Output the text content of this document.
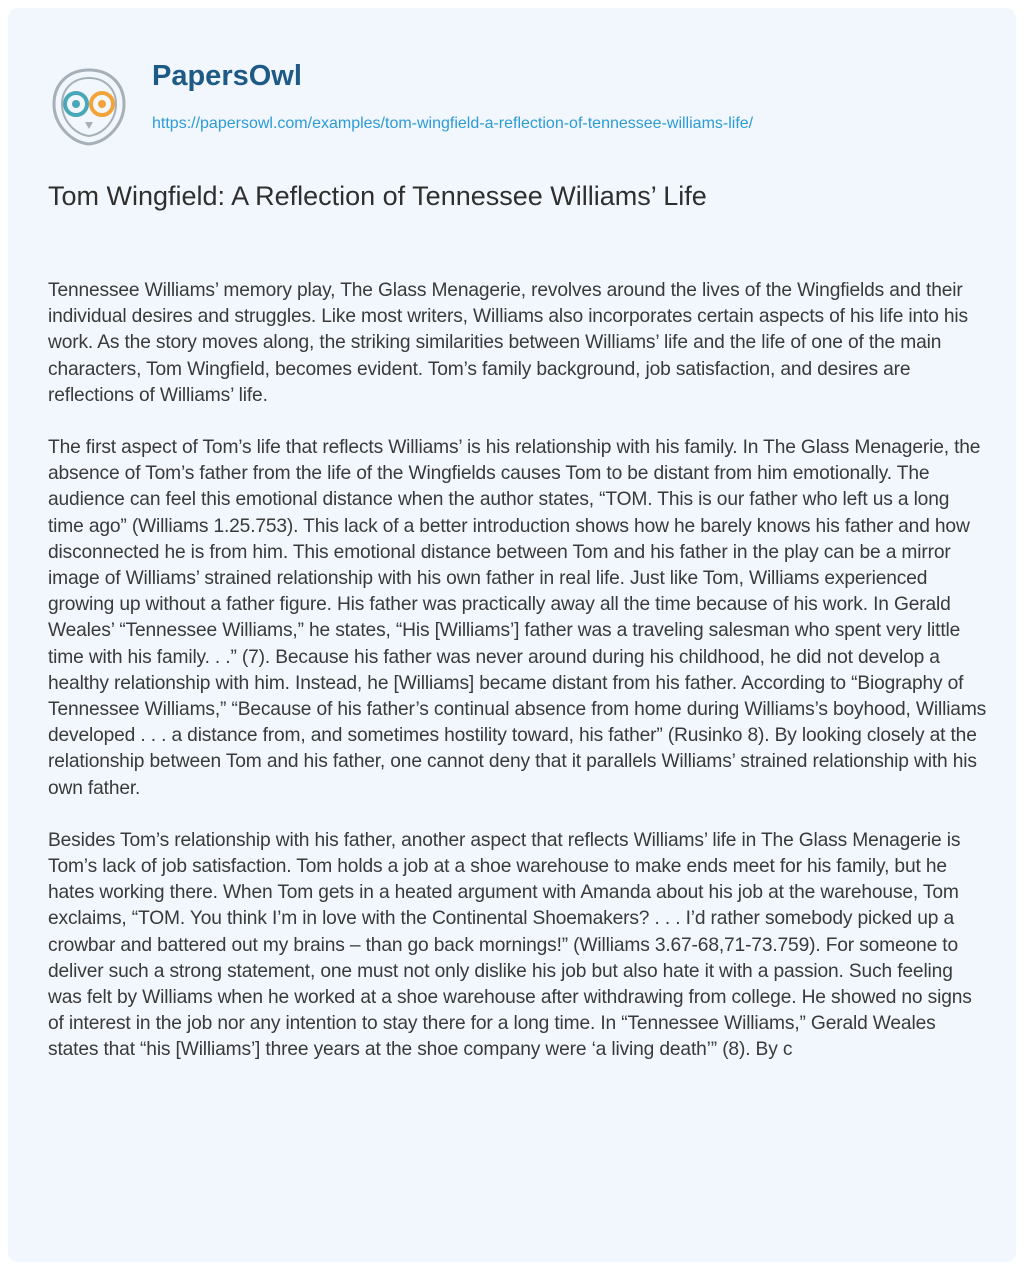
PapersOwl
https://papersowl.com/examples/tom-wingfield-a-reflection-of-tennessee-williams-life/
Tom Wingfield: A Reflection of Tennessee Williams’ Life

Tennessee Williams’ memory play, The Glass Menagerie, revolves around the lives of the Wingfields and their individual desires and struggles. Like most writers, Williams also incorporates certain aspects of his life into his work. As the story moves along, the striking similarities between Williams’ life and the life of one of the main characters, Tom Wingfield, becomes evident. Tom’s family background, job satisfaction, and desires are reflections of Williams’ life.

The first aspect of Tom’s life that reflects Williams’ is his relationship with his family. In The Glass Menagerie, the absence of Tom’s father from the life of the Wingfields causes Tom to be distant from him emotionally. The audience can feel this emotional distance when the author states, “TOM. This is our father who left us a long time ago” (Williams 1.25.753). This lack of a better introduction shows how he barely knows his father and how disconnected he is from him. This emotional distance between Tom and his father in the play can be a mirror image of Williams’ strained relationship with his own father in real life. Just like Tom, Williams experienced growing up without a father figure. His father was practically away all the time because of his work. In Gerald Weales’ “Tennessee Williams,” he states, “His [Williams’] father was a traveling salesman who spent very little time with his family. . .” (7). Because his father was never around during his childhood, he did not develop a healthy relationship with him. Instead, he [Williams] became distant from his father. According to “Biography of Tennessee Williams,” “Because of his father’s continual absence from home during Williams’s boyhood, Williams developed . . . a distance from, and sometimes hostility toward, his father” (Rusinko 8). By looking closely at the relationship between Tom and his father, one cannot deny that it parallels Williams’ strained relationship with his own father.

Besides Tom’s relationship with his father, another aspect that reflects Williams’ life in The Glass Menagerie is Tom’s lack of job satisfaction. Tom holds a job at a shoe warehouse to make ends meet for his family, but he hates working there. When Tom gets in a heated argument with Amanda about his job at the warehouse, Tom exclaims, “TOM. You think I’m in love with the Continental Shoemakers? . . . I’d rather somebody picked up a crowbar and battered out my brains – than go back mornings!” (Williams 3.67-68,71-73.759). For someone to deliver such a strong statement, one must not only dislike his job but also hate it with a passion. Such feeling was felt by Williams when he worked at a shoe warehouse after withdrawing from college. He showed no signs of interest in the job nor any intention to stay there for a long time. In “Tennessee Williams,” Gerald Weales states that “his [Williams’] three years at the shoe company were ‘a living death’” (8). By c
